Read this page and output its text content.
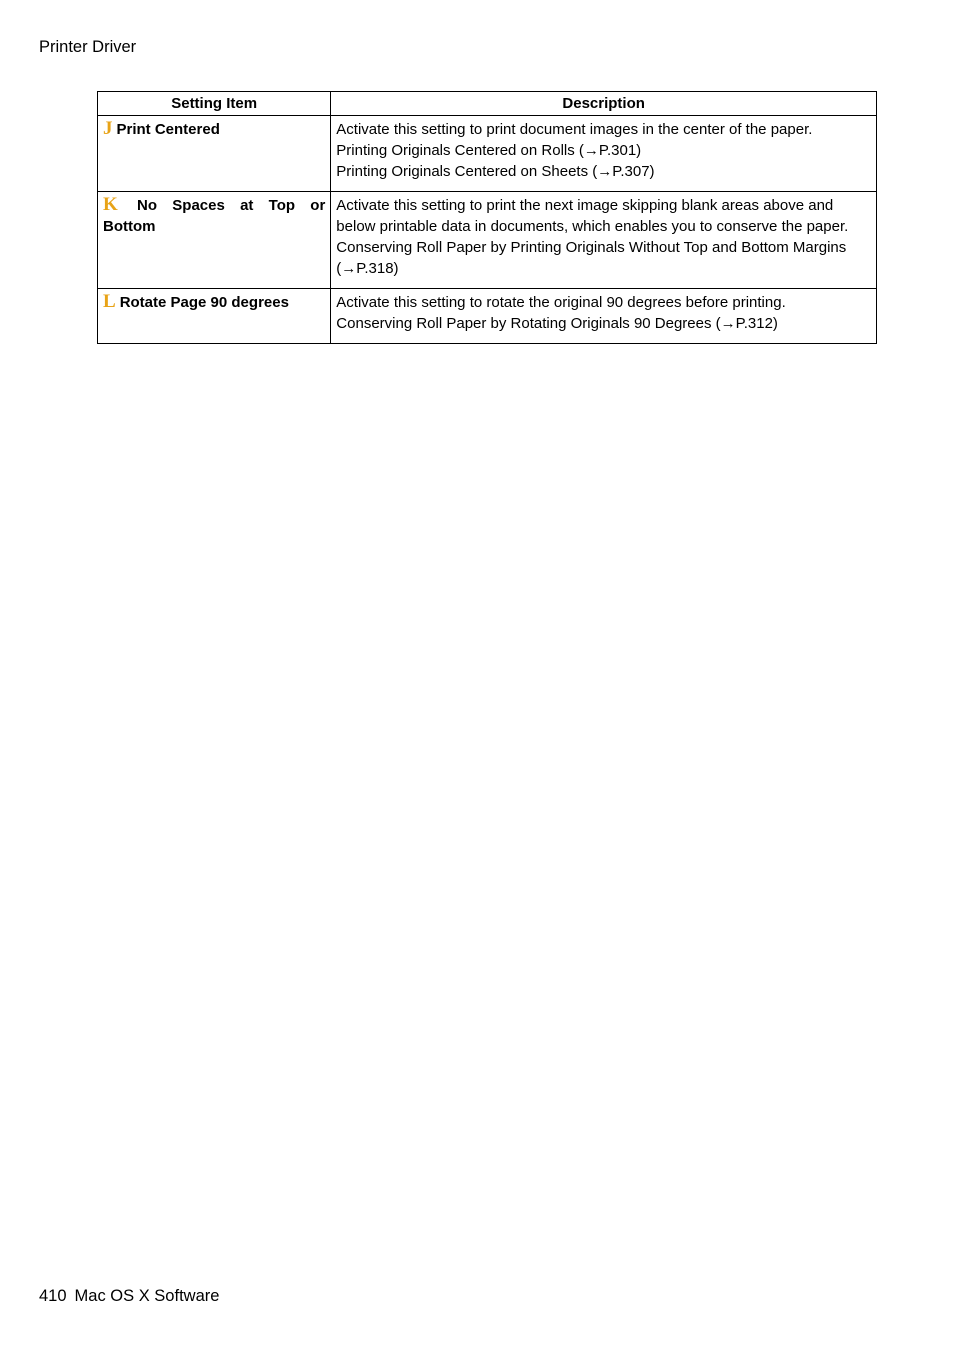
Printer Driver
Setting Item	Description
J Print Centered	Activate this setting to print document images in the center of the paper.
Printing Originals Centered on Rolls (→P.301)
Printing Originals Centered on Sheets (→P.307)

K No Spaces at Top or Bottom	Activate this setting to print the next image skipping blank areas above and below printable data in documents, which enables you to conserve the paper.
Conserving Roll Paper by Printing Originals Without Top and Bottom Margins (→P.318)

L Rotate Page 90 degrees	Activate this setting to rotate the original 90 degrees before printing.
Conserving Roll Paper by Rotating Originals 90 Degrees (→P.312)
410 Mac OS X Software
